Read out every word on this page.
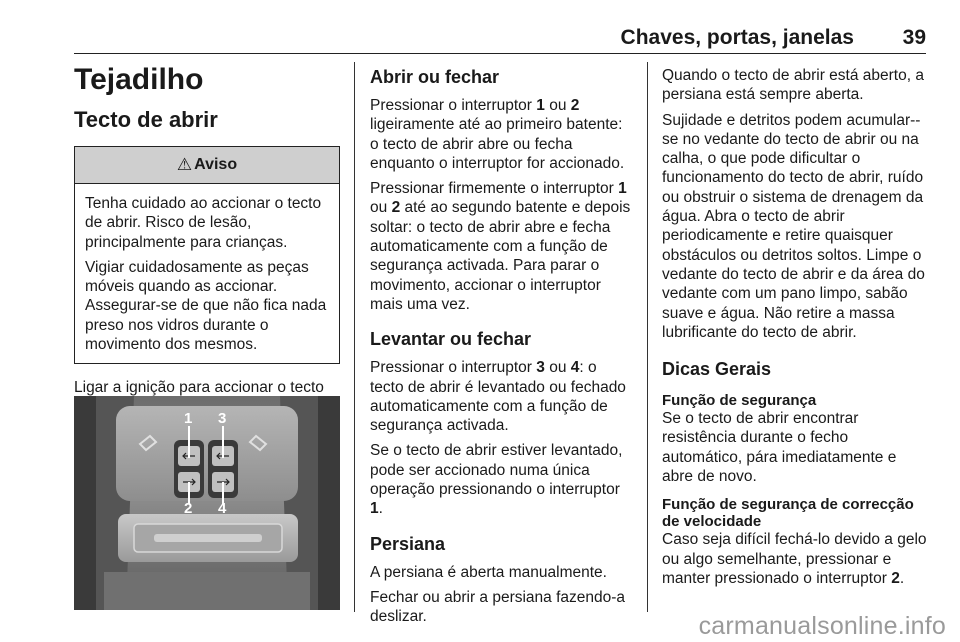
Chaves, portas, janelas 39
Tejadilho
Tecto de abrir
⚠ Aviso

Tenha cuidado ao accionar o tecto de abrir. Risco de lesão, principalmente para crianças.

Vigiar cuidadosamente as peças móveis quando as accionar. Assegurar-se de que não fica nada preso nos vidros durante o movimento dos mesmos.

Ligar a ignição para accionar o tecto

1 3
2 4
Abrir ou fechar

Pressionar o interruptor 1 ou 2 ligeiramente até ao primeiro batente: o tecto de abrir abre ou fecha enquanto o interruptor for accionado.

Pressionar firmemente o interruptor 1 ou 2 até ao segundo batente e depois soltar: o tecto de abrir abre e fecha automaticamente com a função de segurança activada. Para parar o movimento, accionar o interruptor mais uma vez.

Levantar ou fechar

Pressionar o interruptor 3 ou 4: o tecto de abrir é levantado ou fechado automaticamente com a função de segurança activada.

Se o tecto de abrir estiver levantado, pode ser accionado numa única operação pressionando o interruptor 1.

Persiana

A persiana é aberta manualmente.

Fechar ou abrir a persiana fazendo-a deslizar.

Quando o tecto de abrir está aberto, a persiana está sempre aberta.

Sujidade e detritos podem acumular--se no vedante do tecto de abrir ou na calha, o que pode dificultar o funcionamento do tecto de abrir, ruído ou obstruir o sistema de drenagem da água. Abra o tecto de abrir periodicamente e retire quaisquer obstáculos ou detritos soltos. Limpe o vedante do tecto de abrir e da área do vedante com um pano limpo, sabão suave e água. Não retire a massa lubrificante do tecto de abrir.

Dicas Gerais
Função de segurança

Se o tecto de abrir encontrar resistência durante o fecho automático, pára imediatamente e abre de novo.

Função de segurança de correcção de velocidade

Caso seja difícil fechá-lo devido a gelo ou algo semelhante, pressionar e manter pressionado o interruptor 2.

carmanualsonline.info
